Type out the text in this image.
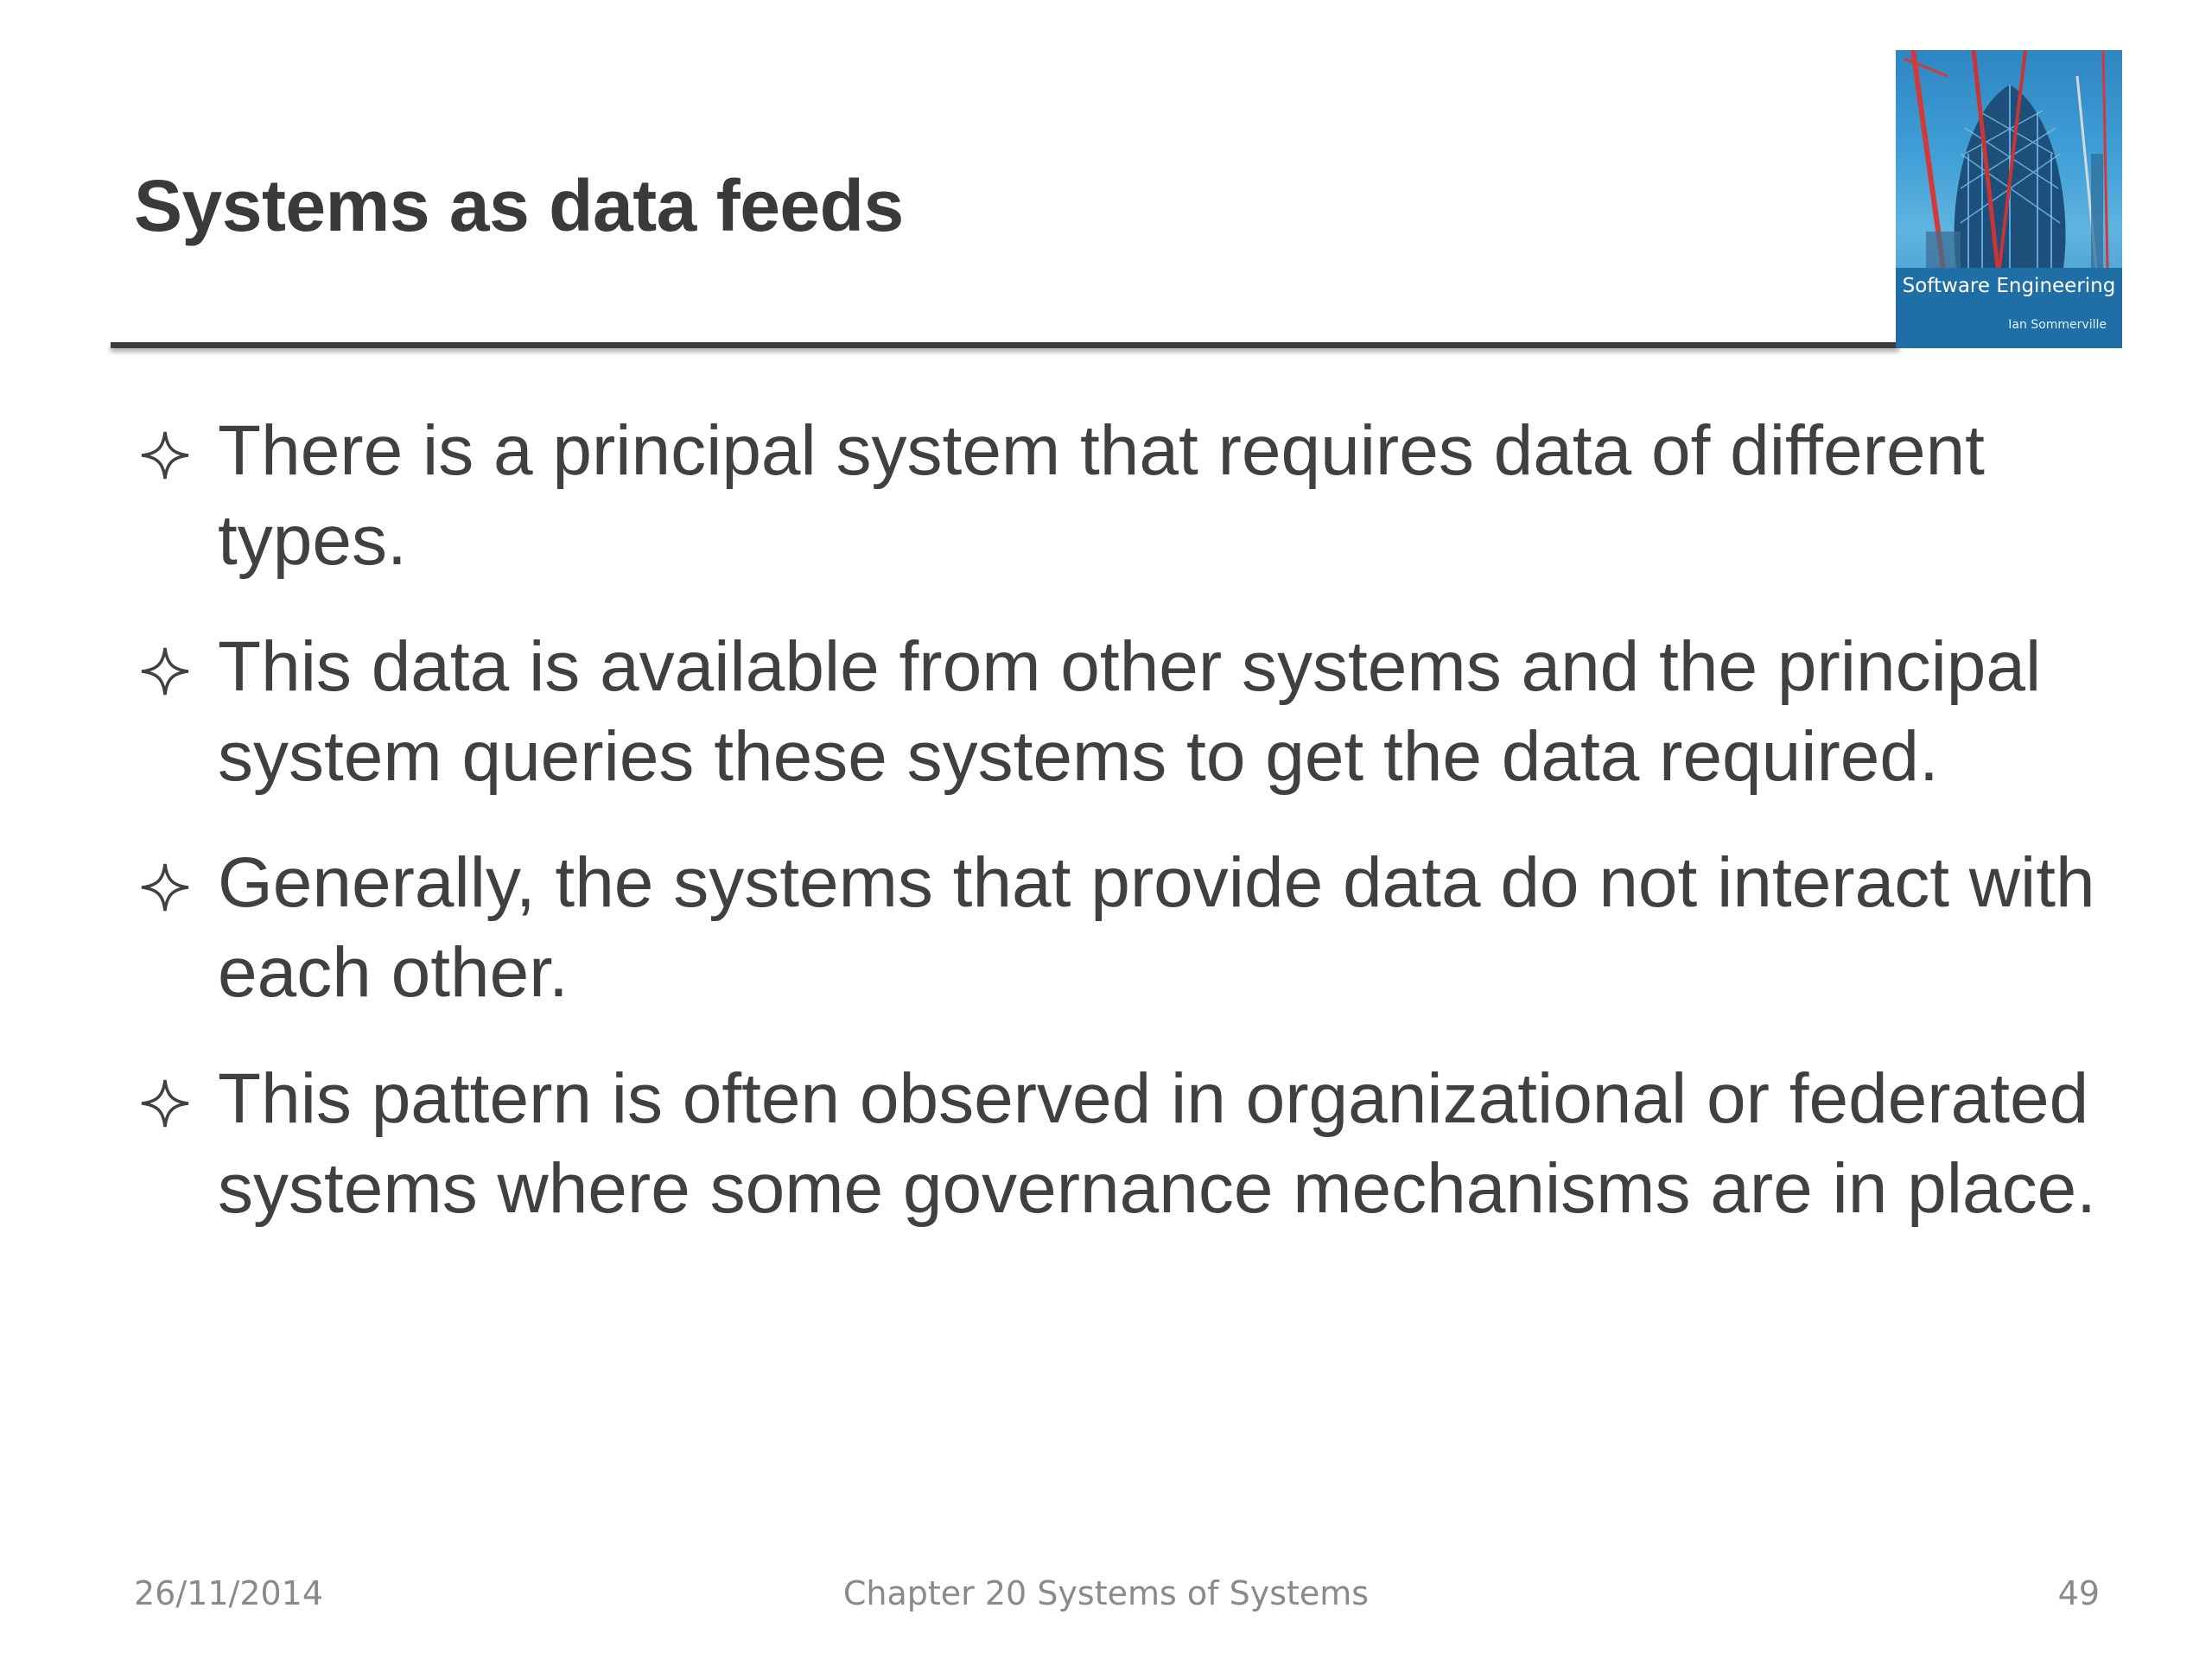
Systems as data feeds
Software Engineering
Ian Sommerville
There is a principal system that requires data of different types.
This data is available from other systems and the principal system queries these systems to get the data required.
Generally, the systems that provide data do not interact with each other.
This pattern is often observed in organizational or federated systems where some governance mechanisms are in place.
26/11/2014	Chapter 20 Systems of Systems	49
